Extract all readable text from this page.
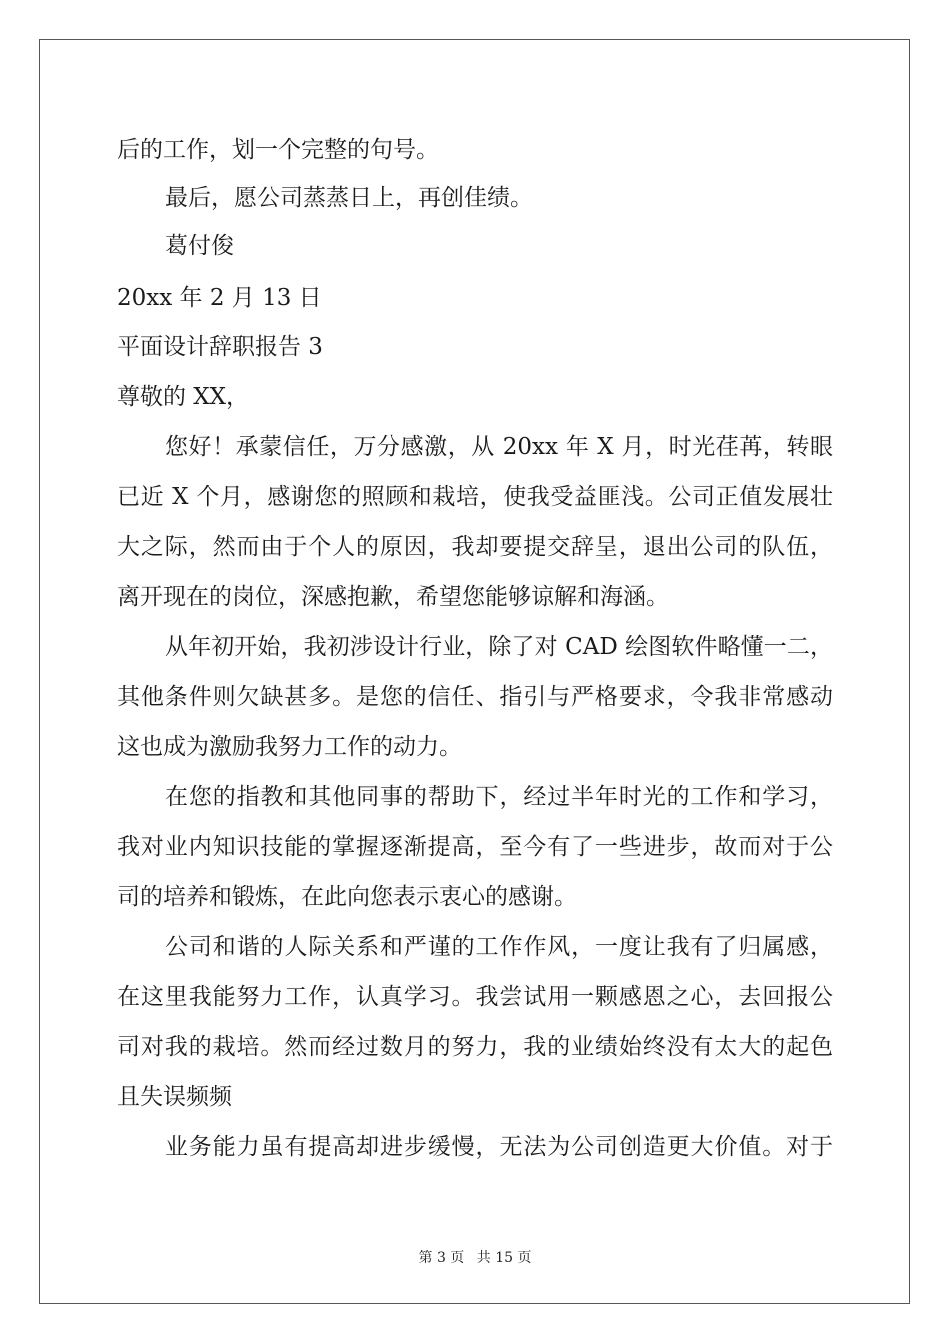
后的工作，划一个完整的句号。
最后，愿公司蒸蒸日上，再创佳绩。
葛付俊
20xx 年 2 月 13 日
平面设计辞职报告 3
尊敬的 XX，
您好！承蒙信任，万分感激，从 20xx 年 X 月，时光荏苒，转眼
已近 X 个月，感谢您的照顾和栽培，使我受益匪浅。公司正值发展壮
大之际，然而由于个人的原因，我却要提交辞呈，退出公司的队伍，
离开现在的岗位，深感抱歉，希望您能够谅解和海涵。
从年初开始，我初涉设计行业，除了对 CAD 绘图软件略懂一二，
其他条件则欠缺甚多。是您的信任、指引与严格要求，令我非常感动
这也成为激励我努力工作的动力。
在您的指教和其他同事的帮助下，经过半年时光的工作和学习，
我对业内知识技能的掌握逐渐提高，至今有了一些进步，故而对于公
司的培养和锻炼，在此向您表示衷心的感谢。
公司和谐的人际关系和严谨的工作作风，一度让我有了归属感，
在这里我能努力工作，认真学习。我尝试用一颗感恩之心，去回报公
司对我的栽培。然而经过数月的努力，我的业绩始终没有太大的起色
且失误频频
业务能力虽有提高却进步缓慢，无法为公司创造更大价值。对于
第 3 页 共 15 页
